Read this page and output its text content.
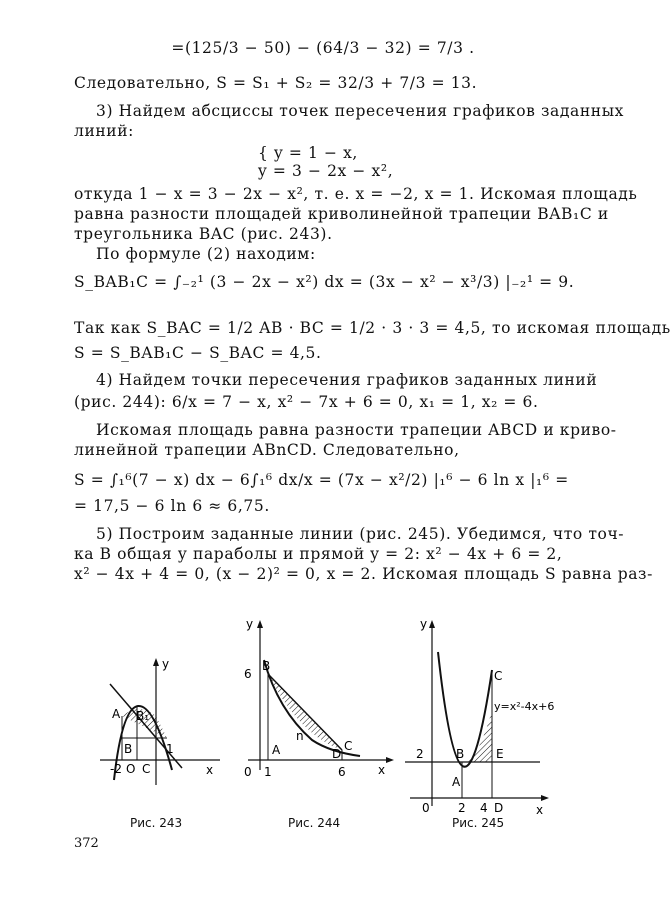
=(125/3 − 50) − (64/3 − 32) = 7/3 .
Следовательно, S = S₁ + S₂ = 32/3 + 7/3 = 13.
3) Найдем абсциссы точек пересечения графиков заданных
линий:
{ y = 1 − x,
y = 3 − 2x − x²,
откуда 1 − x = 3 − 2x − x², т. е. x = −2, x = 1. Искомая площадь
равна разности площадей криволинейной трапеции BAB₁C и
треугольника BAC (рис. 243).
По формуле (2) находим:
S_BAB₁C = ∫₋₂¹ (3 − 2x − x²) dx = (3x − x² − x³/3) |₋₂¹ = 9.
Так как S_BAC = 1/2 AB · BC = 1/2 · 3 · 3 = 4,5, то искомая площадь
S = S_BAB₁C − S_BAC = 4,5.
4) Найдем точки пересечения графиков заданных линий
(рис. 244): 6/x = 7 − x, x² − 7x + 6 = 0, x₁ = 1, x₂ = 6.
Искомая площадь равна разности трапеции ABCD и криво-
линейной трапеции ABnCD. Следовательно,
S = ∫₁⁶(7 − x) dx − 6∫₁⁶ dx/x = (7x − x²/2) |₁⁶ − 6 ln x |₁⁶ =
= 17,5 − 6 ln 6 ≈ 6,75.
5) Построим заданные линии (рис. 245). Убедимся, что точ-
ка B общая у параболы и прямой y = 2: x² − 4x + 6 = 2,
x² − 4x + 4 = 0, (x − 2)² = 0, x = 2. Искомая площадь S равна раз-
y
x
A B₁
B
C
O
-2
1
y
x
B
A	C
D
n
6
6
1
0
y
x
C
y=x²-4x+6
2	B	E
A
0 2 4 D
Рис. 243	Рис. 244	Рис. 245
372
